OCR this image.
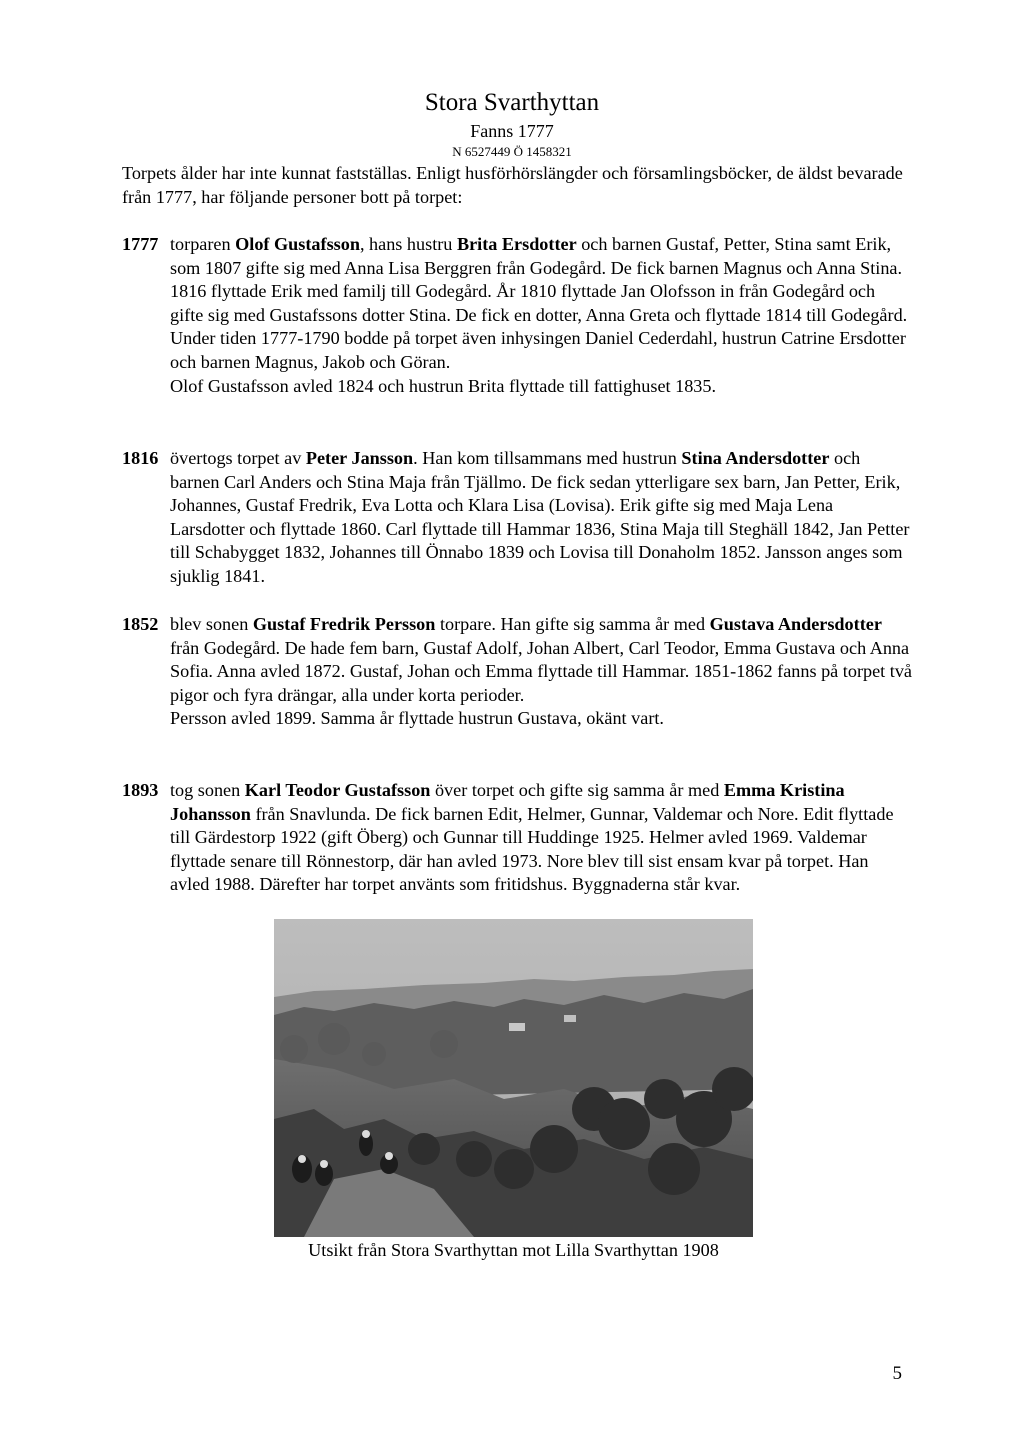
Stora Svarthyttan
Fanns 1777
N 6527449 Ö 1458321
Torpets ålder har inte kunnat fastställas. Enligt husförhörslängder och församlingsböcker, de äldst bevarade från 1777, har följande personer bott på torpet:
1777 torparen Olof Gustafsson, hans hustru Brita Ersdotter och barnen Gustaf, Petter, Stina samt Erik, som 1807 gifte sig med Anna Lisa Berggren från Godegård. De fick barnen Magnus och Anna Stina. 1816 flyttade Erik med familj till Godegård. År 1810 flyttade Jan Olofsson in från Godegård och gifte sig med Gustafssons dotter Stina. De fick en dotter, Anna Greta och flyttade 1814 till Godegård. Under tiden 1777-1790 bodde på torpet även inhysingen Daniel Cederdahl, hustrun Catrine Ersdotter och barnen Magnus, Jakob och Göran.

Olof Gustafsson avled 1824 och hustrun Brita flyttade till fattighuset 1835.

1816 övertogs torpet av Peter Jansson. Han kom tillsammans med hustrun Stina Andersdotter och barnen Carl Anders och Stina Maja från Tjällmo. De fick sedan ytterligare sex barn, Jan Petter, Erik, Johannes, Gustaf Fredrik, Eva Lotta och Klara Lisa (Lovisa). Erik gifte sig med Maja Lena Larsdotter och flyttade 1860. Carl flyttade till Hammar 1836, Stina Maja till Steghäll 1842, Jan Petter till Schabygget 1832, Johannes till Önnabo 1839 och Lovisa till Donaholm 1852. Jansson anges som sjuklig 1841.

1852 blev sonen Gustaf Fredrik Persson torpare. Han gifte sig samma år med Gustava Andersdotter från Godegård. De hade fem barn, Gustaf Adolf, Johan Albert, Carl Teodor, Emma Gustava och Anna Sofia. Anna avled 1872. Gustaf, Johan och Emma flyttade till Hammar. 1851-1862 fanns på torpet två pigor och fyra drängar, alla under korta perioder.

Persson avled 1899. Samma år flyttade hustrun Gustava, okänt vart.

1893 tog sonen Karl Teodor Gustafsson över torpet och gifte sig samma år med Emma Kristina Johansson från Snavlunda. De fick barnen Edit, Helmer, Gunnar, Valdemar och Nore. Edit flyttade till Gärdestorp 1922 (gift Öberg) och Gunnar till Huddinge 1925. Helmer avled 1969. Valdemar flyttade senare till Rönnestorp, där han avled 1973. Nore blev till sist ensam kvar på torpet. Han avled 1988. Därefter har torpet använts som fritidshus. Byggnaderna står kvar.

Utsikt från Stora Svarthyttan mot Lilla Svarthyttan 1908
5
